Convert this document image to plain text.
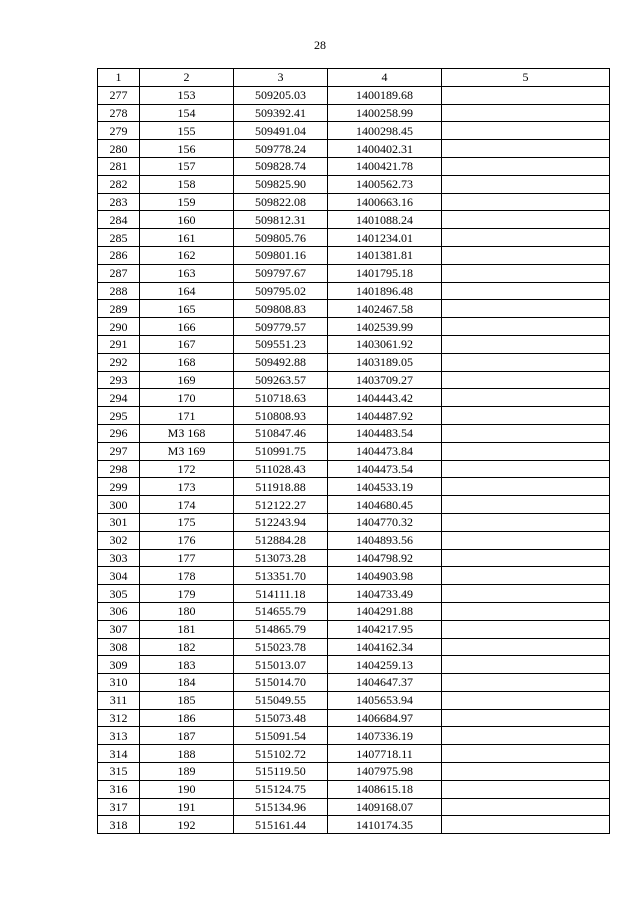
28
1	2	3	4	5
277	153	509205.03	1400189.68	
278	154	509392.41	1400258.99	
279	155	509491.04	1400298.45	
280	156	509778.24	1400402.31	
281	157	509828.74	1400421.78	
282	158	509825.90	1400562.73	
283	159	509822.08	1400663.16	
284	160	509812.31	1401088.24	
285	161	509805.76	1401234.01	
286	162	509801.16	1401381.81	
287	163	509797.67	1401795.18	
288	164	509795.02	1401896.48	
289	165	509808.83	1402467.58	
290	166	509779.57	1402539.99	
291	167	509551.23	1403061.92	
292	168	509492.88	1403189.05	
293	169	509263.57	1403709.27	
294	170	510718.63	1404443.42	
295	171	510808.93	1404487.92	
296	МЗ 168	510847.46	1404483.54	
297	МЗ 169	510991.75	1404473.84	
298	172	511028.43	1404473.54	
299	173	511918.88	1404533.19	
300	174	512122.27	1404680.45	
301	175	512243.94	1404770.32	
302	176	512884.28	1404893.56	
303	177	513073.28	1404798.92	
304	178	513351.70	1404903.98	
305	179	514111.18	1404733.49	
306	180	514655.79	1404291.88	
307	181	514865.79	1404217.95	
308	182	515023.78	1404162.34	
309	183	515013.07	1404259.13	
310	184	515014.70	1404647.37	
311	185	515049.55	1405653.94	
312	186	515073.48	1406684.97	
313	187	515091.54	1407336.19	
314	188	515102.72	1407718.11	
315	189	515119.50	1407975.98	
316	190	515124.75	1408615.18	
317	191	515134.96	1409168.07	
318	192	515161.44	1410174.35	
